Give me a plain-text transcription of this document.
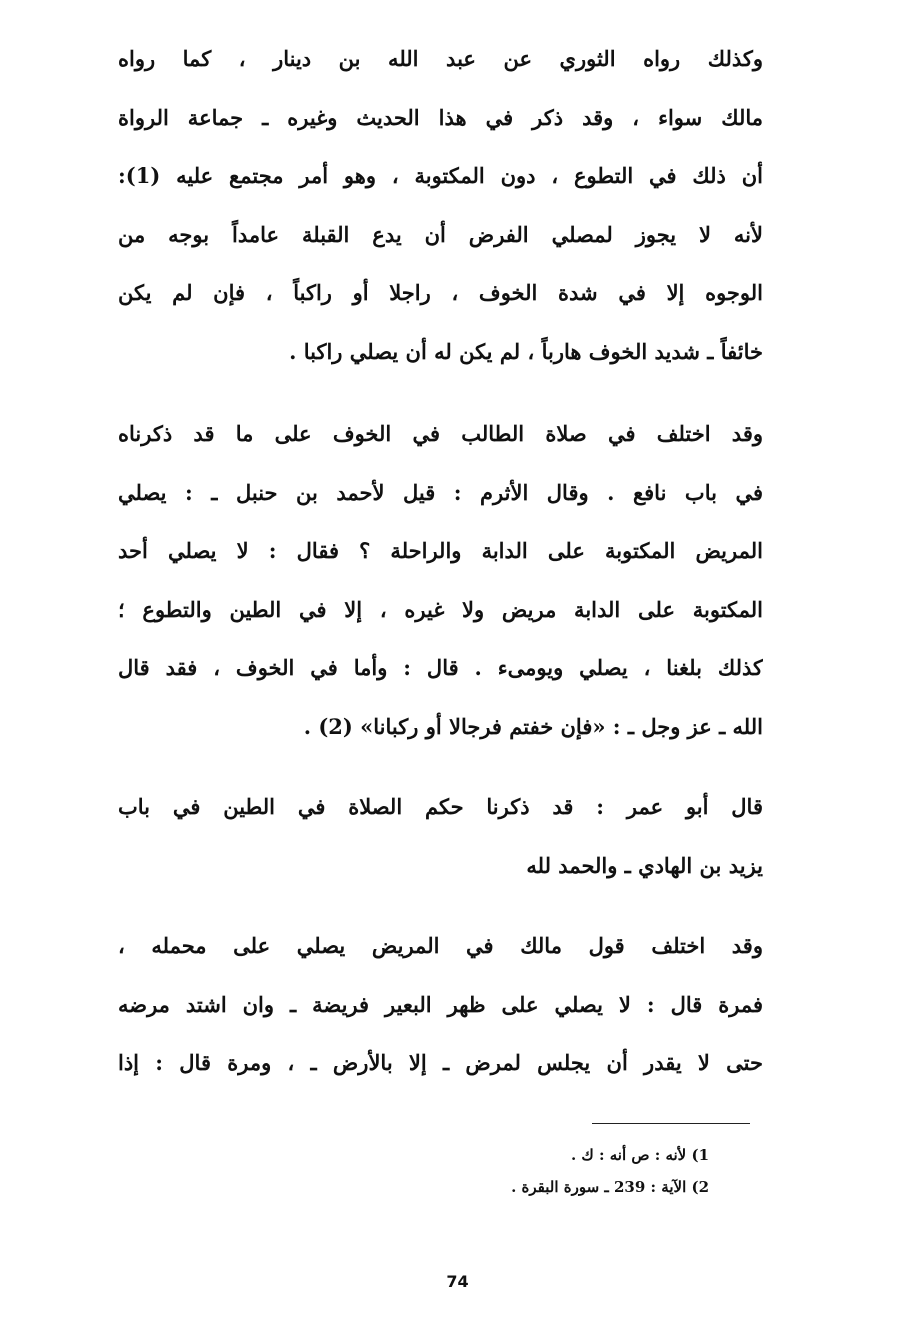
وكذلك رواه الثوري عن عبد الله بن دينار ، كما رواه
مالك سواء ، وقد ذكر في هذا الحديث وغيره ـ جماعة الرواة
أن ذلك في التطوع ، دون المكتوبة ، وهو أمر مجتمع عليه (1):
لأنه لا يجوز لمصلي الفرض أن يدع القبلة عامداً بوجه من
الوجوه إلا في شدة الخوف ، راجلا أو راكباً ، فإن لم يكن
خائفاً ـ شديد الخوف هارباً ، لم يكن له أن يصلي راكبا .
وقد اختلف في صلاة الطالب في الخوف على ما قد ذكرناه
في باب نافع . وقال الأثرم : قيل لأحمد بن حنبل ـ : يصلي
المريض المكتوبة على الدابة والراحلة ؟ فقال : لا يصلي أحد
المكتوبة على الدابة مريض ولا غيره ، إلا في الطين والتطوع ؛
كذلك بلغنا ، يصلي ويومىء . قال : وأما في الخوف ، فقد قال
الله ـ عز وجل ـ : «فإن خفتم فرجالا أو ركبانا» (2) .
قال أبو عمر : قد ذكرنا حكم الصلاة في الطين في باب
يزيد بن الهادي ـ والحمد لله
وقد اختلف قول مالك في المريض يصلي على محمله ،
فمرة قال : لا يصلي على ظهر البعير فريضة ـ وان اشتد مرضه
حتى لا يقدر أن يجلس لمرض ـ إلا بالأرض ـ ، ومرة قال : إذا
1) لأنه : ص أنه : ك .
2) الآية : 239 ـ سورة البقرة .
74
